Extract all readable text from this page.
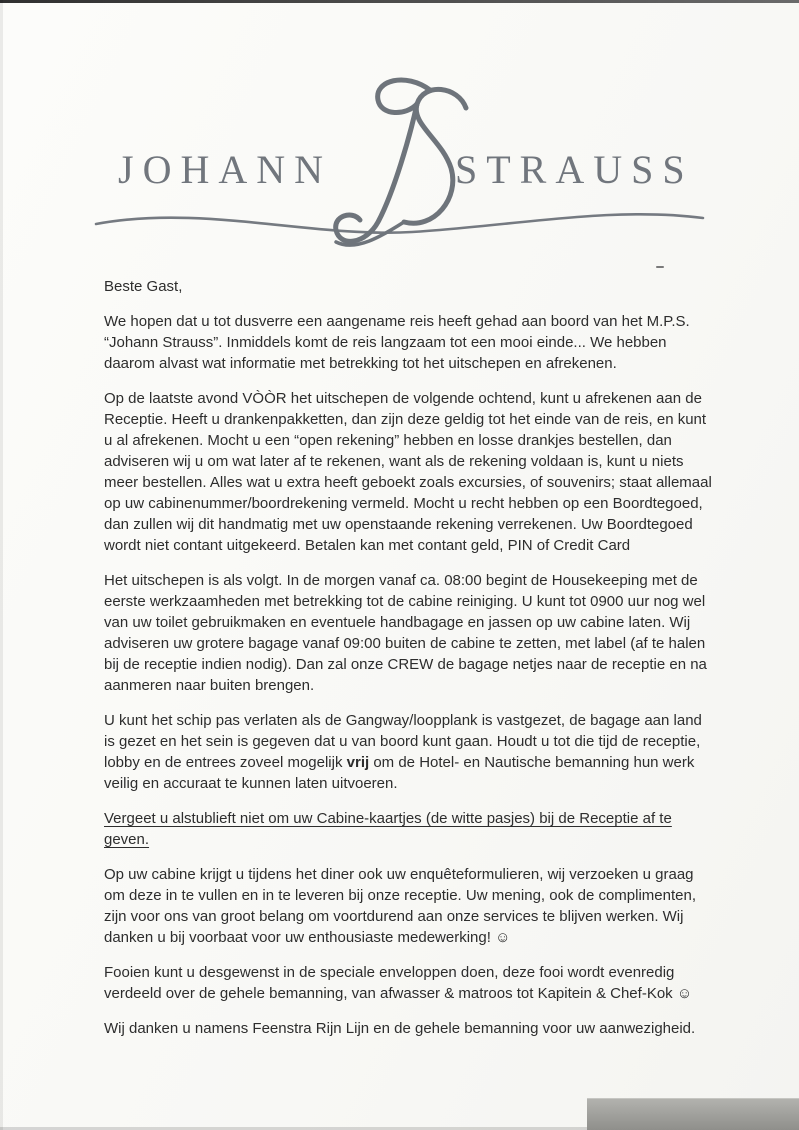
JOHANN	STRAUSS

Beste Gast,

We hopen dat u tot dusverre een aangename reis heeft gehad aan boord van het M.P.S. “Johann Strauss”. Inmiddels komt de reis langzaam tot een mooi einde... We hebben daarom alvast wat informatie met betrekking tot het uitschepen en afrekenen.

Op de laatste avond VÒÒR het uitschepen de volgende ochtend, kunt u afrekenen aan de Receptie. Heeft u drankenpakketten, dan zijn deze geldig tot het einde van de reis, en kunt u al afrekenen. Mocht u een “open rekening” hebben en losse drankjes bestellen, dan adviseren wij u om wat later af te rekenen, want als de rekening voldaan is, kunt u niets meer bestellen. Alles wat u extra heeft geboekt zoals excursies, of souvenirs; staat allemaal op uw cabinenummer/boordrekening vermeld. Mocht u recht hebben op een Boordtegoed, dan zullen wij dit handmatig met uw openstaande rekening verrekenen. Uw Boordtegoed wordt niet contant uitgekeerd. Betalen kan met contant geld, PIN of Credit Card

Het uitschepen is als volgt. In de morgen vanaf ca. 08:00 begint de Housekeeping met de eerste werkzaamheden met betrekking tot de cabine reiniging. U kunt tot 0900 uur nog wel van uw toilet gebruikmaken en eventuele handbagage en jassen op uw cabine laten. Wij adviseren uw grotere bagage vanaf 09:00 buiten de cabine te zetten, met label (af te halen bij de receptie indien nodig). Dan zal onze CREW de bagage netjes naar de receptie en na aanmeren naar buiten brengen.

U kunt het schip pas verlaten als de Gangway/loopplank is vastgezet, de bagage aan land is gezet en het sein is gegeven dat u van boord kunt gaan. Houdt u tot die tijd de receptie, lobby en de entrees zoveel mogelijk vrij om de Hotel- en Nautische bemanning hun werk veilig en accuraat te kunnen laten uitvoeren.

Vergeet u alstublieft niet om uw Cabine-kaartjes (de witte pasjes) bij de Receptie af te geven.

Op uw cabine krijgt u tijdens het diner ook uw enquêteformulieren, wij verzoeken u graag om deze in te vullen en in te leveren bij onze receptie. Uw mening, ook de complimenten, zijn voor ons van groot belang om voortdurend aan onze services te blijven werken. Wij danken u bij voorbaat voor uw enthousiaste medewerking! ☺

Fooien kunt u desgewenst in de speciale enveloppen doen, deze fooi wordt evenredig verdeeld over de gehele bemanning, van afwasser & matroos tot Kapitein & Chef-Kok ☺

Wij danken u namens Feenstra Rijn Lijn en de gehele bemanning voor uw aanwezigheid.
